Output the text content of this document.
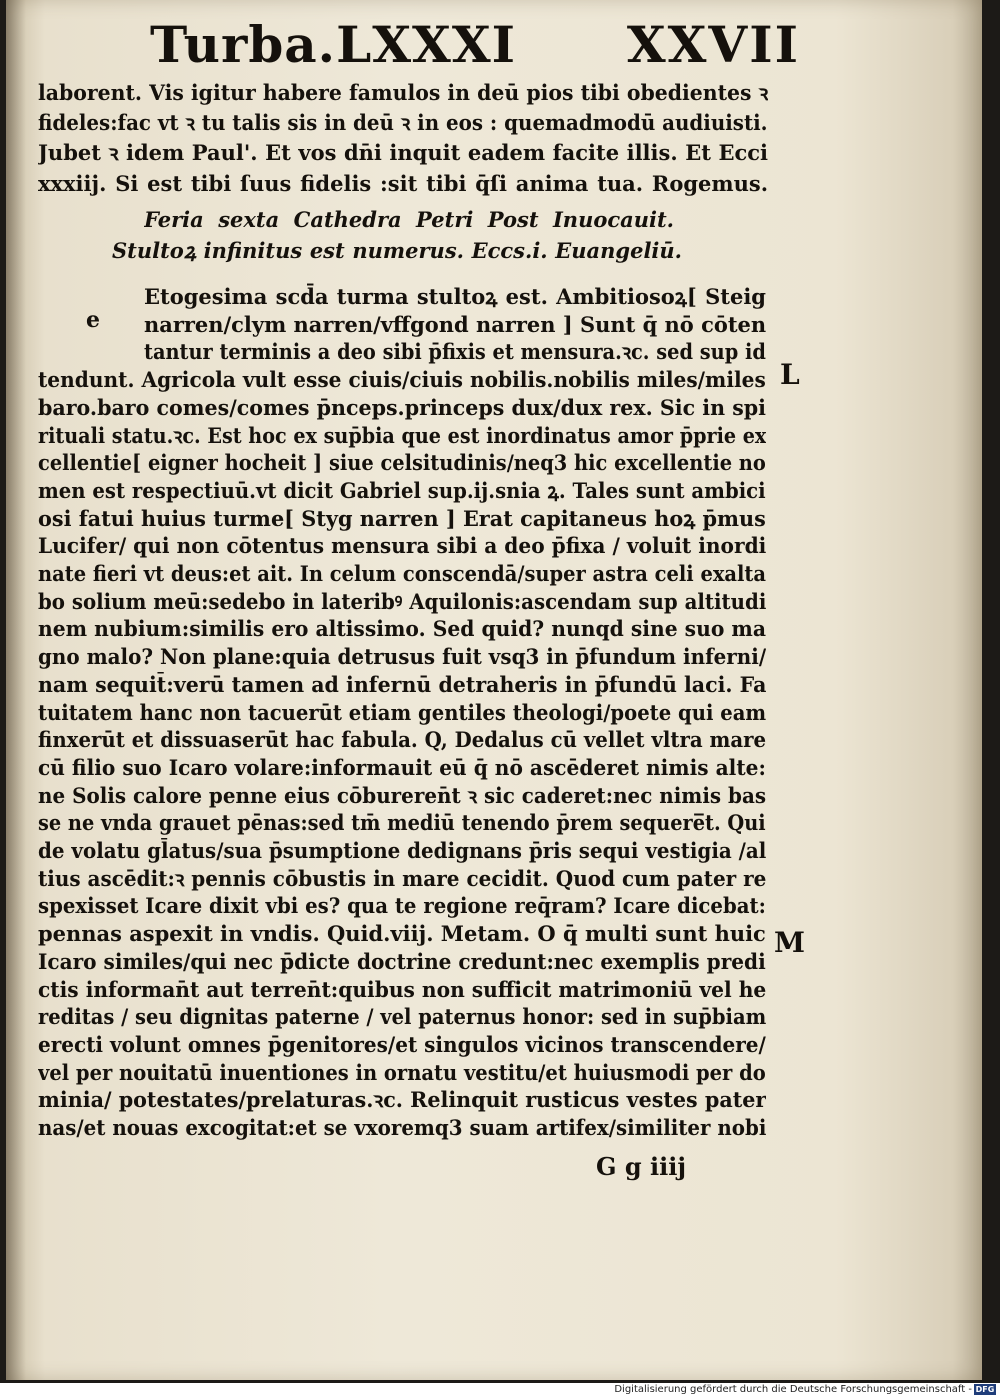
Turba.LXXXI XXVII
laborent. Vis igitur habere famulos in deū pios tibi obedientes ꝛ
fideles:fac vt ꝛ tu talis sis in deū ꝛ in eos : quemadmodū audiuisti.
Jubet ꝛ idem Paul'. Et vos dn̄i inquit eadem facite illis. Et Ecci
xxxiij. Si est tibi ſuus fidelis :sit tibi q̄ſi anima tua. Rogemus.
Feria sexta Cathedra Petri Post Inuocauit.
Stultoꝝ infinitus est numerus. Eccs.i. Euangeliū.
Etogesima scd̄a turma stultoꝝ est. Ambitiosoꝝ[ Steig
narren/clym narren/vffgond narren ] Sunt q̄ nō cōten
tantur terminis a deo sibi p̄fixis et mensura.ꝛc. sed sup id
tendunt. Agricola vult esse ciuis/ciuis nobilis.nobilis miles/miles
baro.baro comes/comes p̄nceps.princeps dux/dux rex. Sic in spi
rituali statu.ꝛc. Est hoc ex sup̄bia que est inordinatus amor p̄prie ex
cellentie[ eigner hocheit ] siue celsitudinis/neq3 hic excellentie no
men est respectiuū.vt dicit Gabriel sup.ij.snia ꝝ. Tales sunt ambici
osi fatui huius turme[ Styg narren ] Erat capitaneus hoꝝ p̄mus
Lucifer/ qui non cōtentus mensura sibi a deo p̄fixa / voluit inordi
nate fieri vt deus:et ait. In celum conscendā/super astra celi exalta
bo solium meū:sedebo in lateribꝰ Aquilonis:ascendam sup altitudi
nem nubium:similis ero altissimo. Sed quid? nunqd sine suo ma
gno malo? Non plane:quia detrusus fuit vsq3 in p̄fundum inferni/
nam sequit̄:verū tamen ad infernū detraheris in p̄fundū laci. Fa
tuitatem hanc non tacuerūt etiam gentiles theologi/poete qui eam
finxerūt et dissuaserūt hac fabula. Q, Dedalus cū vellet vltra mare
cū filio suo Icaro volare:informauit eū q̄ nō ascēderet nimis alte:
ne Solis calore penne eius cōbureren̄t ꝛ sic caderet:nec nimis bas
se ne vnda grauet pēnas:sed tm̄ mediū tenendo p̄rem sequere̅t. Qui
de volatu gl̄atus/sua p̄sumptione dedignans p̄ris sequi vestigia /al
tius ascēdit:ꝛ pennis cōbustis in mare cecidit. Quod cum pater re
spexisset Icare dixit vbi es? qua te regione req̄ram? Icare dicebat:
pennas aspexit in vndis. Quid.viij. Metam. O q̄ multi sunt huic
Icaro similes/qui nec p̄dicte doctrine credunt:nec exemplis predi
ctis informan̄t aut terren̄t:quibus non sufficit matrimoniū vel he
reditas / seu dignitas paterne / vel paternus honor: sed in sup̄biam
erecti volunt omnes p̄genitores/et singulos vicinos transcendere/
vel per nouitatū inuentiones in ornatu vestitu/et huiusmodi per do
minia/ potestates/prelaturas.ꝛc. Relinquit rusticus vestes pater
nas/et nouas excogitat:et se vxoremq3 suam artifex/similiter nobi
e
L
M
G g iiij
Digitalisierung gefördert durch die Deutsche Forschungsgemeinschaft - DFG
